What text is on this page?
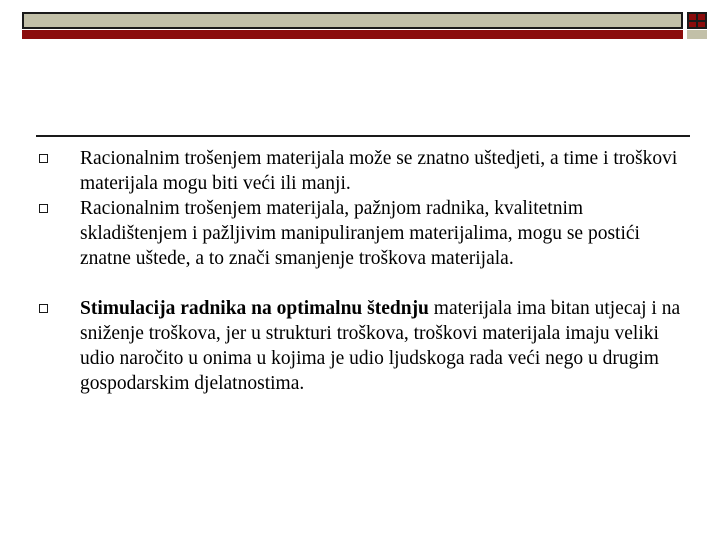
Racionalnim trošenjem materijala može se znatno uštedjeti, a time i troškovi materijala mogu biti veći ili manji.
Racionalnim trošenjem materijala, pažnjom radnika, kvalitetnim skladištenjem i pažljivim manipuliranjem materijalima, mogu se postići znatne uštede, a to znači smanjenje troškova materijala.
Stimulacija radnika na optimalnu štednju materijala ima bitan utjecaj i na sniženje troškova, jer u strukturi troškova, troškovi materijala imaju veliki udio naročito u onima u kojima je udio ljudskoga rada veći nego u drugim gospodarskim djelatnostima.
